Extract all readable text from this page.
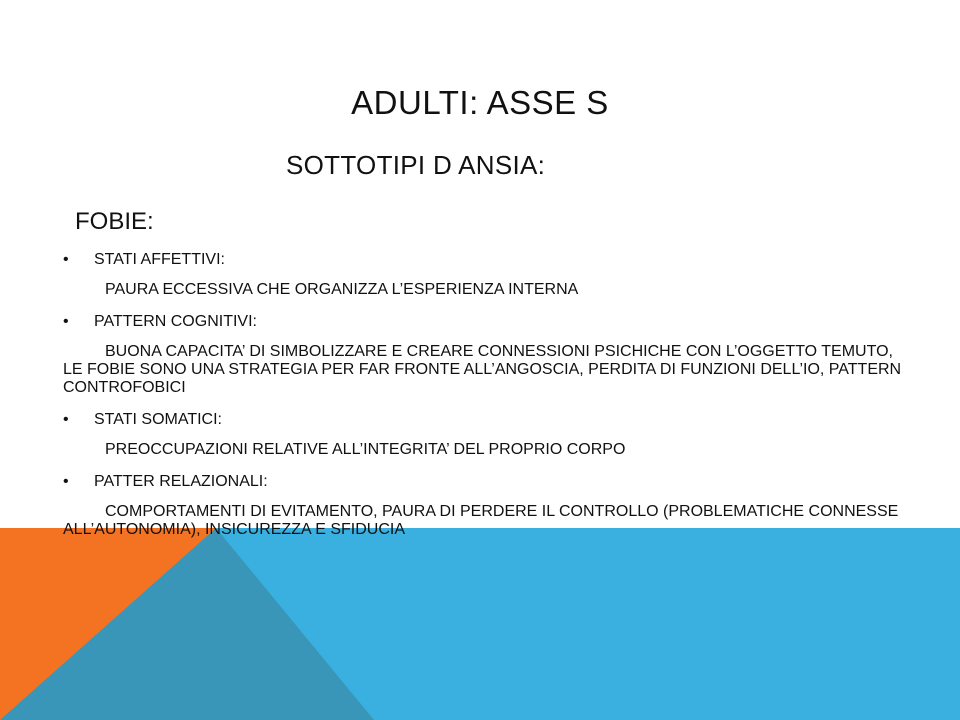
ADULTI: ASSE S
SOTTOTIPI D ANSIA:
FOBIE:
• STATI AFFETTIVI:
PAURA ECCESSIVA CHE ORGANIZZA L’ESPERIENZA INTERNA
• PATTERN COGNITIVI:
BUONA CAPACITA’ DI SIMBOLIZZARE E CREARE CONNESSIONI PSICHICHE CON L’OGGETTO TEMUTO, LE FOBIE SONO UNA STRATEGIA PER FAR FRONTE ALL’ANGOSCIA, PERDITA DI FUNZIONI DELL’IO, PATTERN CONTROFOBICI
• STATI SOMATICI:
PREOCCUPAZIONI RELATIVE ALL’INTEGRITA’ DEL PROPRIO CORPO
• PATTER RELAZIONALI:
COMPORTAMENTI DI EVITAMENTO, PAURA DI PERDERE IL CONTROLLO (PROBLEMATICHE CONNESSE ALL’AUTONOMIA), INSICUREZZA E SFIDUCIA
